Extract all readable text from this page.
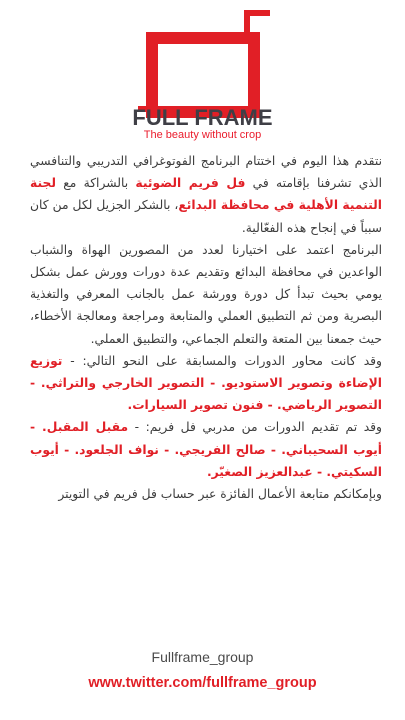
FULL FRAME
The beauty without crop

نتقدم هذا اليوم في اختتام البرنامج الفوتوغرافي التدريبي والتنافسي الذي تشرفنا بإقامته في فل فريم الضوئية بالشراكة مع لجنة التنمية الأهلية في محافظة البدائع، بالشكر الجزيل لكل من كان سبباً في إنجاح هذه الفعّالية.

البرنامج اعتمد على اختيارنا لعدد من المصورين الهواة والشباب الواعدين في محافظة البدائع وتقديم عدة دورات وورش عمل بشكل يومي بحيث تبدأ كل دورة وورشة عمل بالجانب المعرفي والتغذية البصرية ومن ثم التطبيق العملي والمتابعة ومراجعة ومعالجة الأخطاء، حيث جمعنا بين المتعة والتعلم الجماعي، والتطبيق العملي.

وقد كانت محاور الدورات والمسابقة على النحو التالي: - توزيع الإضاءة وتصوير الاستوديو. - التصوير الخارجي والتراثي. - التصوير الرياضي. - فنون تصوير السيارات.

وقد تم تقديم الدورات من مدربي فل فريم: - مقبل المقبل. - أيوب السحيباني. - صالح الفريجي. - نواف الجلعود. - أيوب السكيتي. - عبدالعزيز الصغيّر.

وبإمكانكم متابعة الأعمال الفائزة عبر حساب فل فريم في التويتر

Fullframe_group
www.twitter.com/fullframe_group
